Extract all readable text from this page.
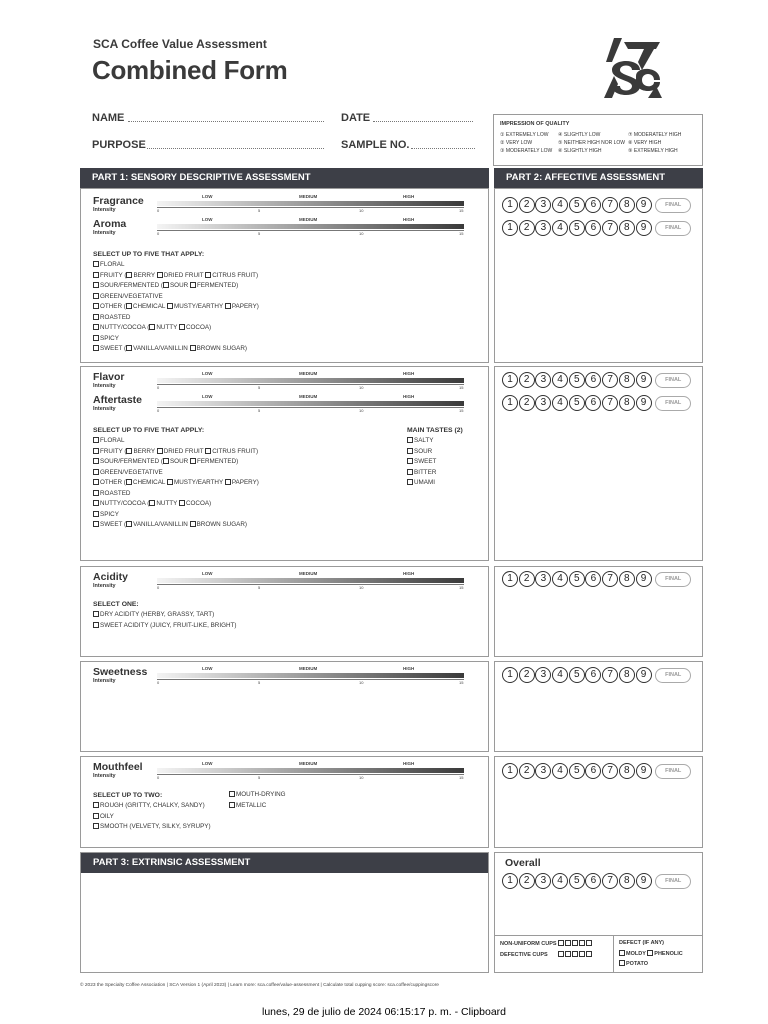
SCA Coffee Value Assessment
Combined Form
NAME	DATE
PURPOSE	SAMPLE NO.
IMPRESSION OF QUALITY
① EXTREMELY LOW	④ SLIGHTLY LOW	⑦ MODERATELY HIGH
② VERY LOW	⑤ NEITHER HIGH NOR LOW ⑧ VERY HIGH
③ MODERATELY LOW	⑥ SLIGHTLY HIGH	⑨ EXTREMELY HIGH
PART 1: SENSORY DESCRIPTIVE ASSESSMENT	PART 2: AFFECTIVE ASSESSMENT
Fragrance
Intensity
LOW	MEDIUM	HIGH
0	5	10	15
Aroma
Intensity
LOW	MEDIUM	HIGH
0	5	10	15
SELECT UP TO FIVE THAT APPLY:
FLORAL
FRUITY ( BERRY DRIED FRUIT CITRUS FRUIT)
SOUR/FERMENTED ( SOUR FERMENTED)
GREEN/VEGETATIVE
OTHER ( CHEMICAL MUSTY/EARTHY PAPERY)
ROASTED
NUTTY/COCOA ( NUTTY COCOA)
SPICY
SWEET ( VANILLA/VANILLIN BROWN SUGAR)
Flavor
Intensity
LOW	MEDIUM	HIGH
0	5	10	15
Aftertaste
Intensity
LOW	MEDIUM	HIGH
0	5	10	15
SELECT UP TO FIVE THAT APPLY:
FLORAL
FRUITY ( BERRY DRIED FRUIT CITRUS FRUIT)
SOUR/FERMENTED ( SOUR FERMENTED)
GREEN/VEGETATIVE
OTHER ( CHEMICAL MUSTY/EARTHY PAPERY)
ROASTED
NUTTY/COCOA ( NUTTY COCOA)
SPICY
SWEET ( VANILLA/VANILLIN BROWN SUGAR)
MAIN TASTES (2)
SALTY
SOUR
SWEET
BITTER
UMAMI
Acidity
Intensity
LOW	MEDIUM	HIGH
0	5	10	15
SELECT ONE:
DRY ACIDITY (HERBY, GRASSY, TART)
SWEET ACIDITY (JUICY, FRUIT-LIKE, BRIGHT)
Sweetness
Intensity
LOW	MEDIUM	HIGH
0	5	10	15
Mouthfeel
Intensity
LOW	MEDIUM	HIGH
0	5	10	15
SELECT UP TO TWO:
ROUGH (GRITTY, CHALKY, SANDY)
OILY
SMOOTH (VELVETY, SILKY, SYRUPY)
MOUTH-DRYING
METALLIC
PART 3: EXTRINSIC ASSESSMENT	Overall
NON-UNIFORM CUPS
DEFECTIVE CUPS
DEFECT (IF ANY)
MOLDY PHENOLIC
POTATO
1	2	3	4	5	6	7	8	9	FINAL
1	2	3	4	5	6	7	8	9	FINAL
1	2	3	4	5	6	7	8	9	FINAL
1	2	3	4	5	6	7	8	9	FINAL
1	2	3	4	5	6	7	8	9	FINAL
1	2	3	4	5	6	7	8	9	FINAL
1	2	3	4	5	6	7	8	9	FINAL
1	2	3	4	5	6	7	8	9	FINAL
© 2023 the Specialty Coffee Association | SCA Version 1 (April 2023) | Learn more: sca.coffee/value-assessment | Calculate total cupping score: sca.coffee/cuppingscore
lunes, 29 de julio de 2024 06:15:17 p. m. - Clipboard
